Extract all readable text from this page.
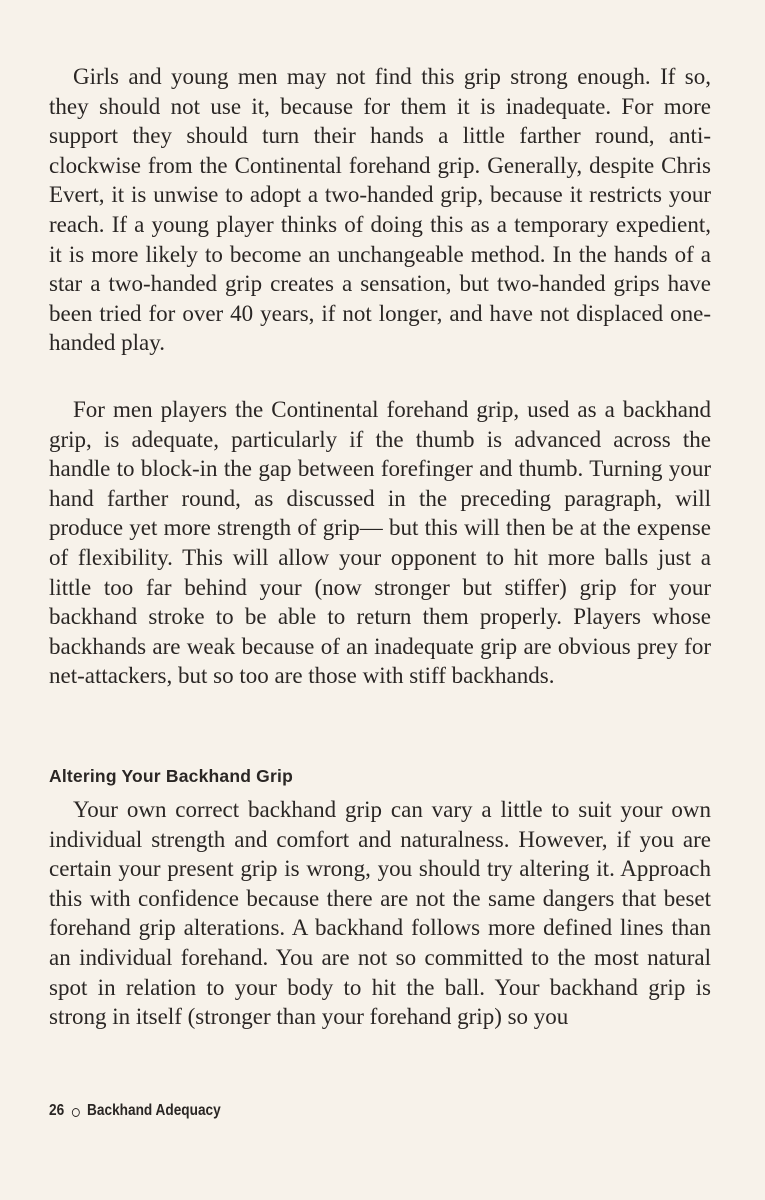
Girls and young men may not find this grip strong enough. If so, they should not use it, because for them it is inadequate. For more support they should turn their hands a little farther round, anti-clockwise from the Continental forehand grip. Generally, despite Chris Evert, it is unwise to adopt a two-handed grip, because it restricts your reach. If a young player thinks of doing this as a temporary expedient, it is more likely to become an unchangeable method. In the hands of a star a two-handed grip creates a sensation, but two-handed grips have been tried for over 40 years, if not longer, and have not displaced one-handed play.

For men players the Continental forehand grip, used as a backhand grip, is adequate, particularly if the thumb is advanced across the handle to block-in the gap between forefinger and thumb. Turning your hand farther round, as discussed in the preceding paragraph, will produce yet more strength of grip— but this will then be at the expense of flexibility. This will allow your opponent to hit more balls just a little too far behind your (now stronger but stiffer) grip for your backhand stroke to be able to return them properly. Players whose backhands are weak because of an inadequate grip are obvious prey for net-attackers, but so too are those with stiff backhands.

Altering Your Backhand Grip

Your own correct backhand grip can vary a little to suit your own individual strength and comfort and naturalness. However, if you are certain your present grip is wrong, you should try altering it. Approach this with confidence because there are not the same dangers that beset forehand grip alterations. A backhand follows more defined lines than an individual forehand. You are not so committed to the most natural spot in relation to your body to hit the ball. Your backhand grip is strong in itself (stronger than your forehand grip) so you

26 Backhand Adequacy
